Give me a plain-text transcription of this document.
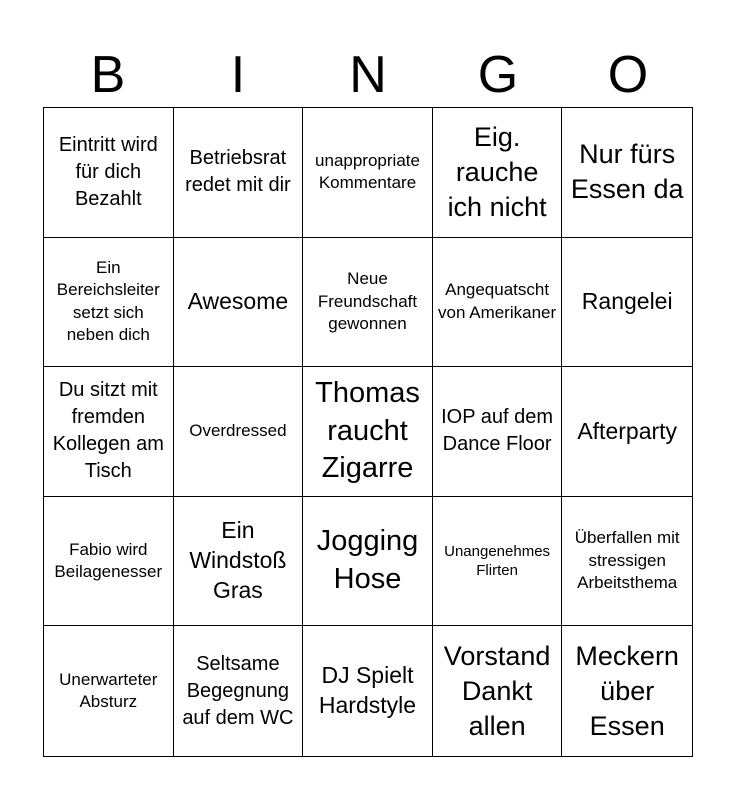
B	I	N	G	O
Eintritt wird für dich Bezahlt
Betriebsrat redet mit dir
unappropriate Kommentare
Eig. rauche ich nicht
Nur fürs Essen da
Ein Bereichsleiter setzt sich neben dich
Awesome
Neue Freundschaft gewonnen
Angequatscht von Amerikaner Rangelei
Du sitzt mit fremden Kollegen am Tisch
Overdressed
Thomas raucht Zigarre
IOP auf dem Dance Floor
Afterparty
Fabio wird Beilagenesser
Ein Windstoß Gras
Jogging Hose
Unangenehmes Flirten
Überfallen mit stressigen Arbeitsthema
Unerwarteter Absturz
Seltsame Begegnung auf dem WC
DJ Spielt Hardstyle
Vorstand Dankt allen
Meckern über Essen
